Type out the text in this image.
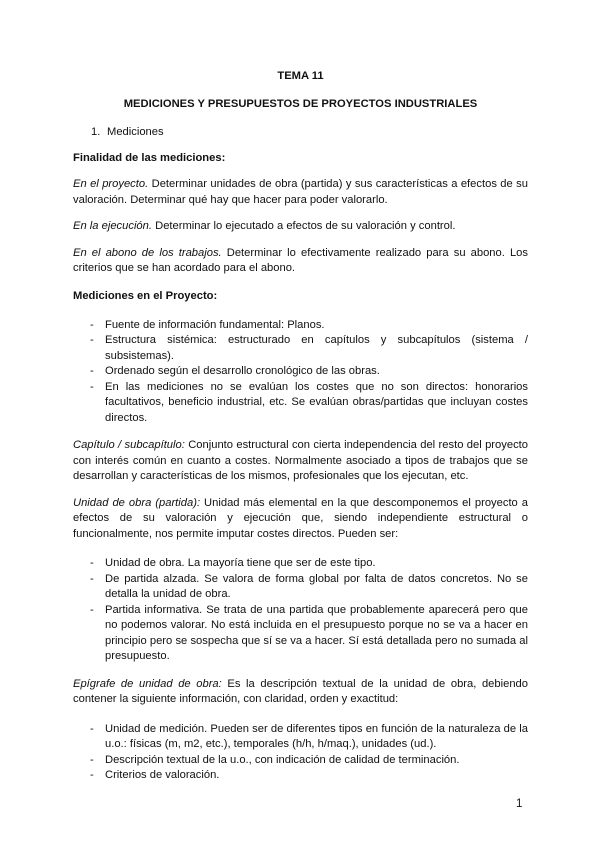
TEMA 11
MEDICIONES Y PRESUPUESTOS DE PROYECTOS INDUSTRIALES
1. Mediciones
Finalidad de las mediciones:

En el proyecto. Determinar unidades de obra (partida) y sus características a efectos de su valoración. Determinar qué hay que hacer para poder valorarlo.

En la ejecución. Determinar lo ejecutado a efectos de su valoración y control.

En el abono de los trabajos. Determinar lo efectivamente realizado para su abono. Los criterios que se han acordado para el abono.

Mediciones en el Proyecto:
- Fuente de información fundamental: Planos.
- Estructura sistémica: estructurado en capítulos y subcapítulos (sistema / subsistemas).
- Ordenado según el desarrollo cronológico de las obras.
- En las mediciones no se evalúan los costes que no son directos: honorarios facultativos, beneficio industrial, etc. Se evalúan obras/partidas que incluyan costes directos.

Capítulo / subcapítulo: Conjunto estructural con cierta independencia del resto del proyecto con interés común en cuanto a costes. Normalmente asociado a tipos de trabajos que se desarrollan y características de los mismos, profesionales que los ejecutan, etc.

Unidad de obra (partida): Unidad más elemental en la que descomponemos el proyecto a efectos de su valoración y ejecución que, siendo independiente estructural o funcionalmente, nos permite imputar costes directos. Pueden ser:

- Unidad de obra. La mayoría tiene que ser de este tipo.
- De partida alzada. Se valora de forma global por falta de datos concretos. No se detalla la unidad de obra.
- Partida informativa. Se trata de una partida que probablemente aparecerá pero que no podemos valorar. No está incluida en el presupuesto porque no se va a hacer en principio pero se sospecha que sí se va a hacer. Sí está detallada pero no sumada al presupuesto.

Epígrafe de unidad de obra: Es la descripción textual de la unidad de obra, debiendo contener la siguiente información, con claridad, orden y exactitud:

- Unidad de medición. Pueden ser de diferentes tipos en función de la naturaleza de la u.o.: físicas (m, m2, etc.), temporales (h/h, h/maq.), unidades (ud.).
- Descripción textual de la u.o., con indicación de calidad de terminación.
- Criterios de valoración.
1
